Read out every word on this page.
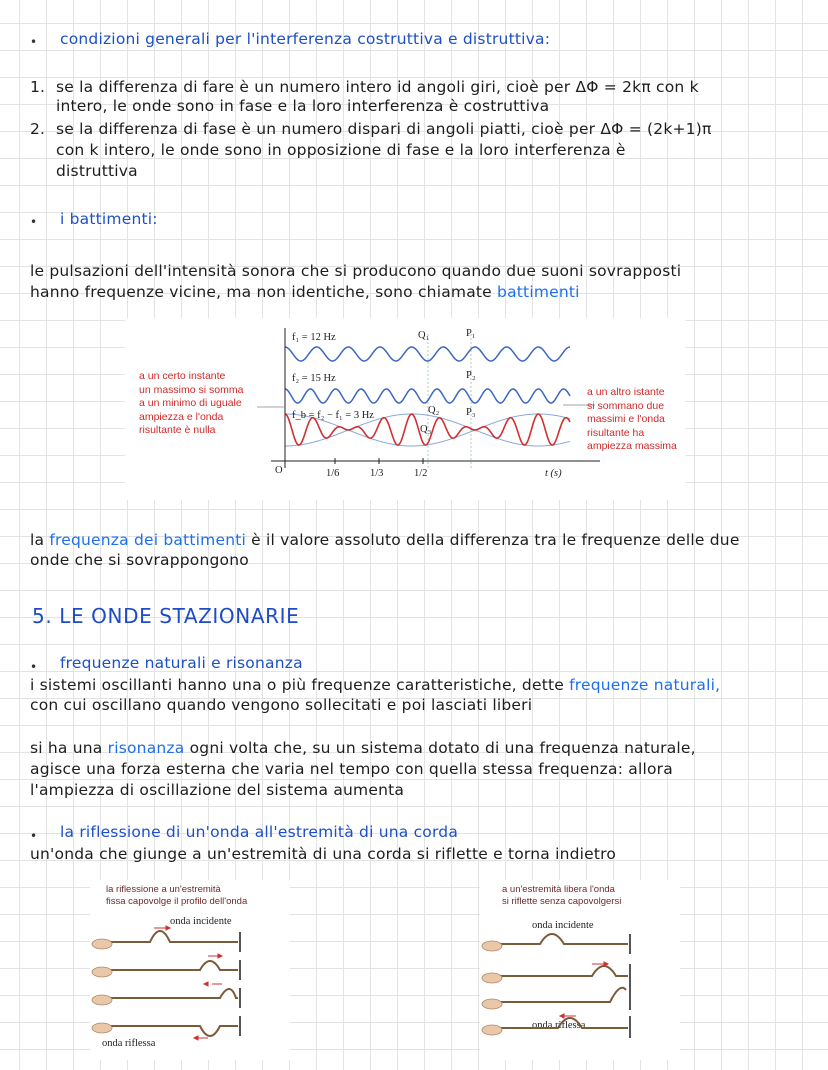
• condizioni generali per l'interferenza costruttiva e distruttiva:
1. se la differenza di fare è un numero intero id angoli giri, cioè per ΔΦ = 2kπ con k
intero, le onde sono in fase e la loro interferenza è costruttiva
2. se la differenza di fase è un numero dispari di angoli piatti, cioè per ΔΦ = (2k+1)π
con k intero, le onde sono in opposizione di fase e la loro interferenza è
distruttiva
• i battimenti:
le pulsazioni dell'intensità sonora che si producono quando due suoni sovrapposti
hanno frequenze vicine, ma non identiche, sono chiamate battimenti
f₁ = 12 Hz
f₂ = 15 Hz
f_b = f₂ − f₁ = 3 Hz
Q₁	P₁
P₂
Q₂	P₃
Q₃
O	1/6	1/3	1/2	t (s)
a un certo instante
un massimo si somma
a un minimo di uguale
ampiezza e l'onda
risultante è nulla
a un altro istante
si sommano due
massimi e l'onda
risultante ha
ampiezza massima
la frequenza dei battimenti è il valore assoluto della differenza tra le frequenze delle due
onde che si sovrappongono
5. LE ONDE STAZIONARIE
• frequenze naturali e risonanza
i sistemi oscillanti hanno una o più frequenze caratteristiche, dette frequenze naturali,
con cui oscillano quando vengono sollecitati e poi lasciati liberi
si ha una risonanza ogni volta che, su un sistema dotato di una frequenza naturale,
agisce una forza esterna che varia nel tempo con quella stessa frequenza: allora
l'ampiezza di oscillazione del sistema aumenta
• la riflessione di un'onda all'estremità di una corda
un'onda che giunge a un'estremità di una corda si riflette e torna indietro
la riflessione a un'estremità
fissa capovolge il profilo dell'onda
onda incidente
onda riflessa
a un'estremità libera l'onda
si riflette senza capovolgersi
onda incidente
onda riflessa
